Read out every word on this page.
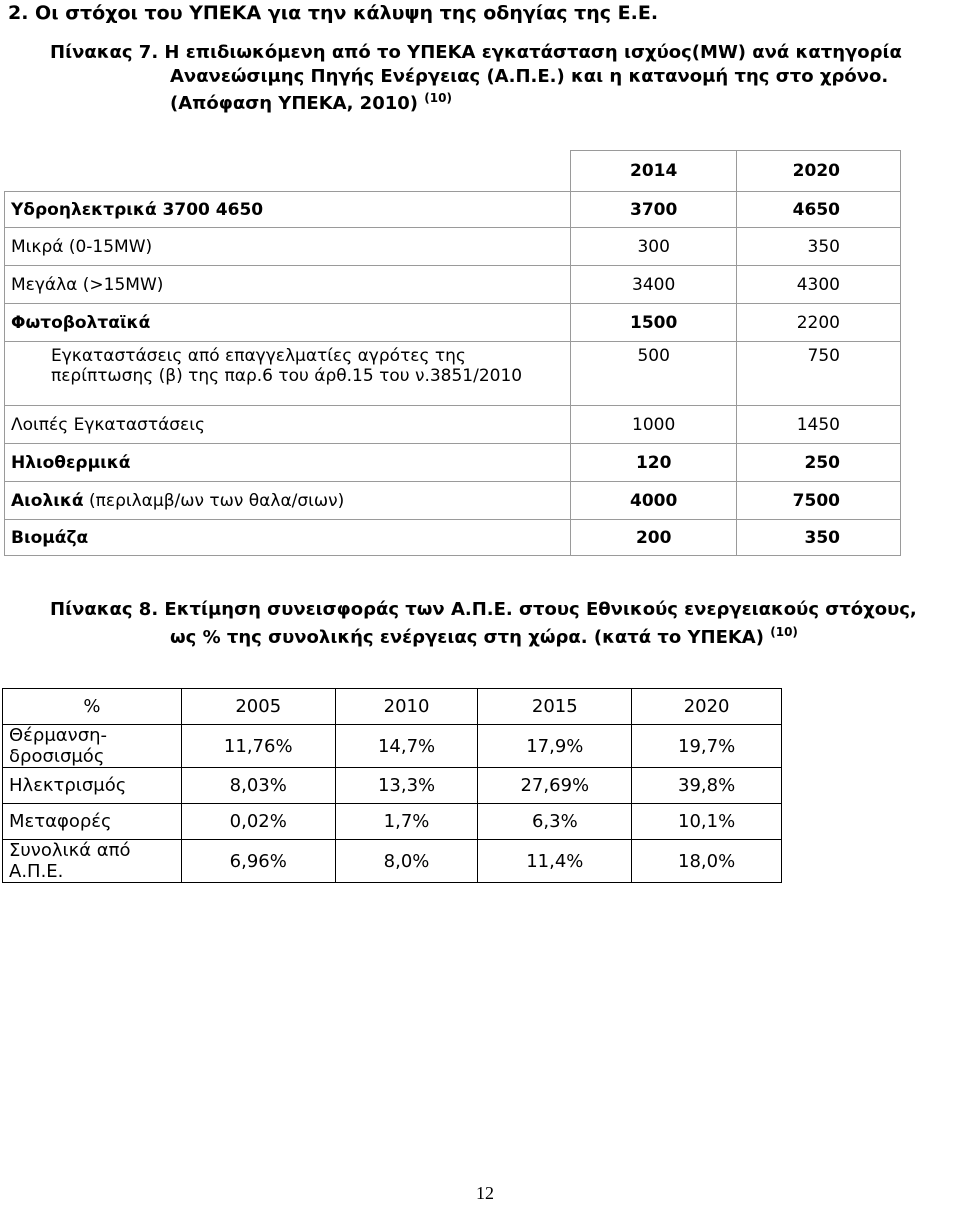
2. Οι στόχοι του ΥΠΕΚΑ για την κάλυψη της οδηγίας της Ε.Ε.
Πίνακας 7. Η επιδιωκόμενη από το ΥΠΕΚΑ εγκατάσταση ισχύος(MW) ανά κατηγορία
Ανανεώσιμης Πηγής Ενέργειας (Α.Π.Ε.) και η κατανομή της στο χρόνο.
(Απόφαση ΥΠΕΚΑ, 2010) $^{(10)}$
	2014	2020
Υδροηλεκτρικά 3700 4650	3700	4650
Μικρά (0-15MW)	300	350
Μεγάλα (>15MW)	3400	4300
Φωτοβολταϊκά	1500	2200

Εγκαταστάσεις από επαγγελματίες αγρότες της
περίπτωσης (β) της παρ.6 του άρθ.15 του ν.3851/2010	500	750
Λοιπές Εγκαταστάσεις	1000	1450
Ηλιοθερμικά	120	250
Αιολικά (περιλαμβ/ων των θαλα/σιων)	4000	7500
Βιομάζα	200	350
Πίνακας 8. Εκτίμηση συνεισφοράς των Α.Π.Ε. στους Εθνικούς ενεργειακούς στόχους,
ως % της συνολικής ενέργειας στη χώρα. (κατά το ΥΠΕΚΑ) $^{(10)}$
%	2005	2010	2015	2020
Θέρμανση-δροσισμός	11,76%	14,7%	17,9%	19,7%
Ηλεκτρισμός	8,03%	13,3%	27,69%	39,8%
Μεταφορές	0,02%	1,7%	6,3%	10,1%
Συνολικά από Α.Π.Ε.	6,96%	8,0%	11,4%	18,0%
12
